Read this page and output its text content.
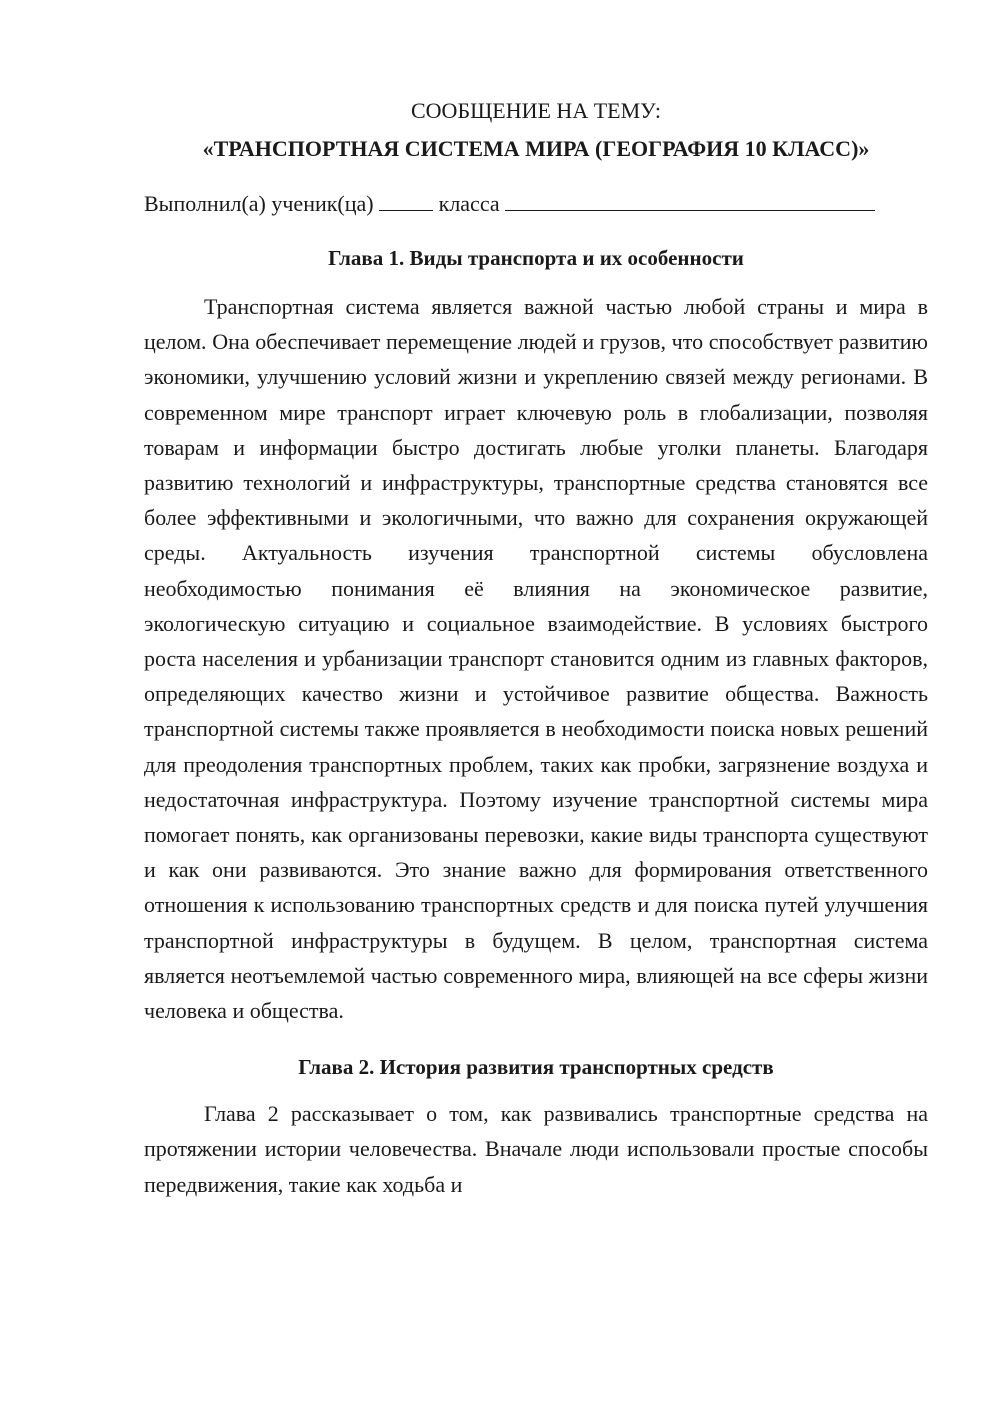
СООБЩЕНИЕ НА ТЕМУ:

«ТРАНСПОРТНАЯ СИСТЕМА МИРА (ГЕОГРАФИЯ 10 КЛАСС)»

Выполнил(а) ученик(ца)	класса

Глава 1. Виды транспорта и их особенности

Транспортная система является важной частью любой страны и мира в целом. Она обеспечивает перемещение людей и грузов, что способствует развитию экономики, улучшению условий жизни и укреплению связей между регионами. В современном мире транспорт играет ключевую роль в глобализации, позволяя товарам и информации быстро достигать любые уголки планеты. Благодаря развитию технологий и инфраструктуры, транспортные средства становятся все более эффективными и экологичными, что важно для сохранения окружающей среды. Актуальность изучения транспортной системы обусловлена необходимостью понимания её влияния на экономическое развитие, экологическую ситуацию и социальное взаимодействие. В условиях быстрого роста населения и урбанизации транспорт становится одним из главных факторов, определяющих качество жизни и устойчивое развитие общества. Важность транспортной системы также проявляется в необходимости поиска новых решений для преодоления транспортных проблем, таких как пробки, загрязнение воздуха и недостаточная инфраструктура. Поэтому изучение транспортной системы мира помогает понять, как организованы перевозки, какие виды транспорта существуют и как они развиваются. Это знание важно для формирования ответственного отношения к использованию транспортных средств и для поиска путей улучшения транспортной инфраструктуры в будущем. В целом, транспортная система является неотъемлемой частью современного мира, влияющей на все сферы жизни человека и общества.

Глава 2. История развития транспортных средств

Глава 2 рассказывает о том, как развивались транспортные средства на протяжении истории человечества. Вначале люди использовали простые способы передвижения, такие как ходьба и
